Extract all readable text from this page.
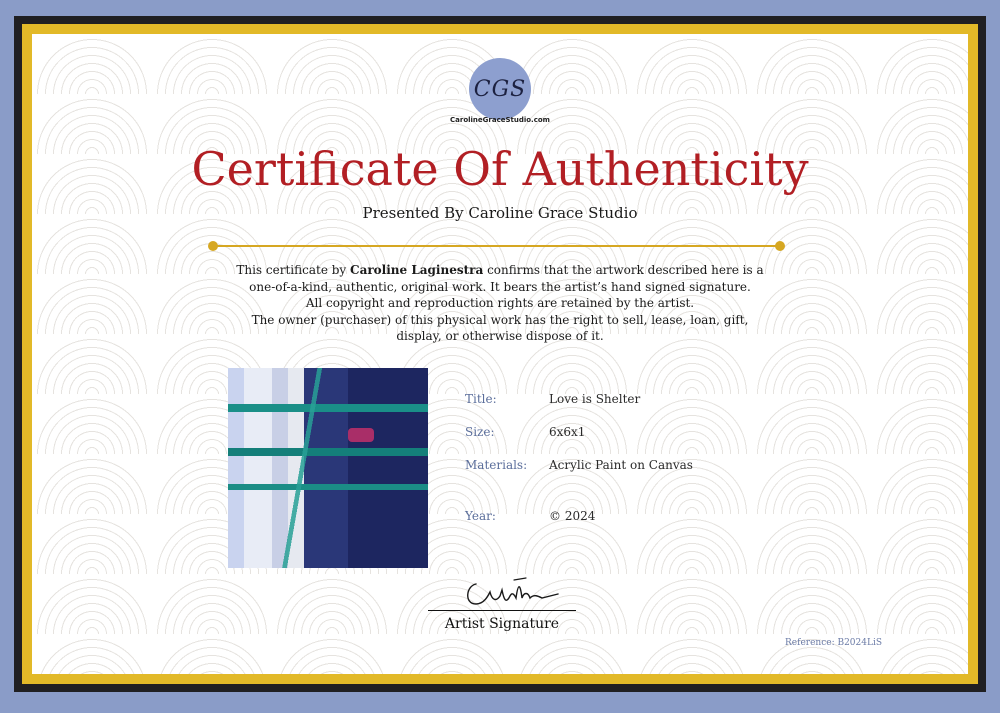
CGS
CarolineGraceStudio.com
Certificate Of Authenticity
Presented By Caroline Grace Studio

This certificate by Caroline Laginestra confirms that the artwork described here is a

one-of-a-kind, authentic, original work. It bears the artist’s hand signed signature.

All copyright and reproduction rights are retained by the artist.

The owner (purchaser) of this physical work has the right to sell, lease, loan, gift,

display, or otherwise dispose of it.

Title:	Love is Shelter
Size:	6x6x1
Materials:	Acrylic Paint on Canvas
Year:	© 2024
Artist Signature
Reference: B2024LiS
